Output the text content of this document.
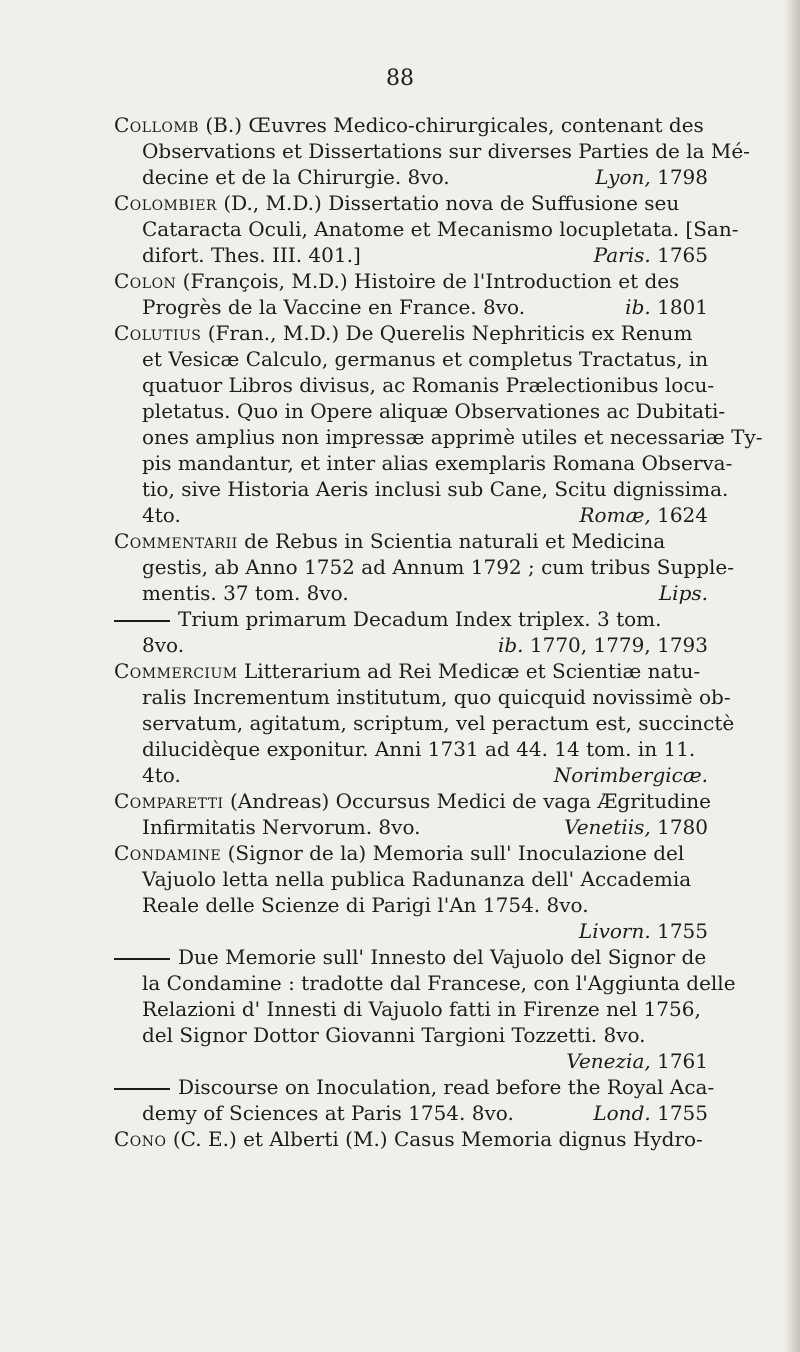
88
Collomb (B.) Œuvres Medico-chirurgicales, contenant des
Observations et Dissertations sur diverses Parties de la Mé-
decine et de la Chirurgie. 8vo.	Lyon, 1798
Colombier (D., M.D.) Dissertatio nova de Suffusione seu
Cataracta Oculi, Anatome et Mecanismo locupletata. [San-
difort. Thes. III. 401.]	Paris. 1765
Colon (François, M.D.) Histoire de l'Introduction et des
Progrès de la Vaccine en France. 8vo.	ib. 1801
Colutius (Fran., M.D.) De Querelis Nephriticis ex Renum
et Vesicæ Calculo, germanus et completus Tractatus, in
quatuor Libros divisus, ac Romanis Prælectionibus locu-
pletatus. Quo in Opere aliquæ Observationes ac Dubitati-
ones amplius non impressæ apprimè utiles et necessariæ Ty-
pis mandantur, et inter alias exemplaris Romana Observa-
tio, sive Historia Aeris inclusi sub Cane, Scitu dignissima.
4to.	Romæ, 1624
Commentarii de Rebus in Scientia naturali et Medicina
gestis, ab Anno 1752 ad Annum 1792 ; cum tribus Supple-
mentis. 37 tom. 8vo.	Lips.
Trium primarum Decadum Index triplex. 3 tom.
8vo.	ib. 1770, 1779, 1793
Commercium Litterarium ad Rei Medicæ et Scientiæ natu-
ralis Incrementum institutum, quo quicquid novissimè ob-
servatum, agitatum, scriptum, vel peractum est, succinctè
dilucidèque exponitur. Anni 1731 ad 44. 14 tom. in 11.
4to.	Norimbergicæ.
Comparetti (Andreas) Occursus Medici de vaga Ægritudine
Infirmitatis Nervorum. 8vo.	Venetiis, 1780
Condamine (Signor de la) Memoria sull' Inoculazione del
Vajuolo letta nella publica Radunanza dell' Accademia
Reale delle Scienze di Parigi l'An 1754. 8vo.
Livorn. 1755
Due Memorie sull' Innesto del Vajuolo del Signor de
la Condamine : tradotte dal Francese, con l'Aggiunta delle
Relazioni d' Innesti di Vajuolo fatti in Firenze nel 1756,
del Signor Dottor Giovanni Targioni Tozzetti. 8vo.
Venezia, 1761
Discourse on Inoculation, read before the Royal Aca-
demy of Sciences at Paris 1754. 8vo.	Lond. 1755
Cono (C. E.) et Alberti (M.) Casus Memoria dignus Hydro-
